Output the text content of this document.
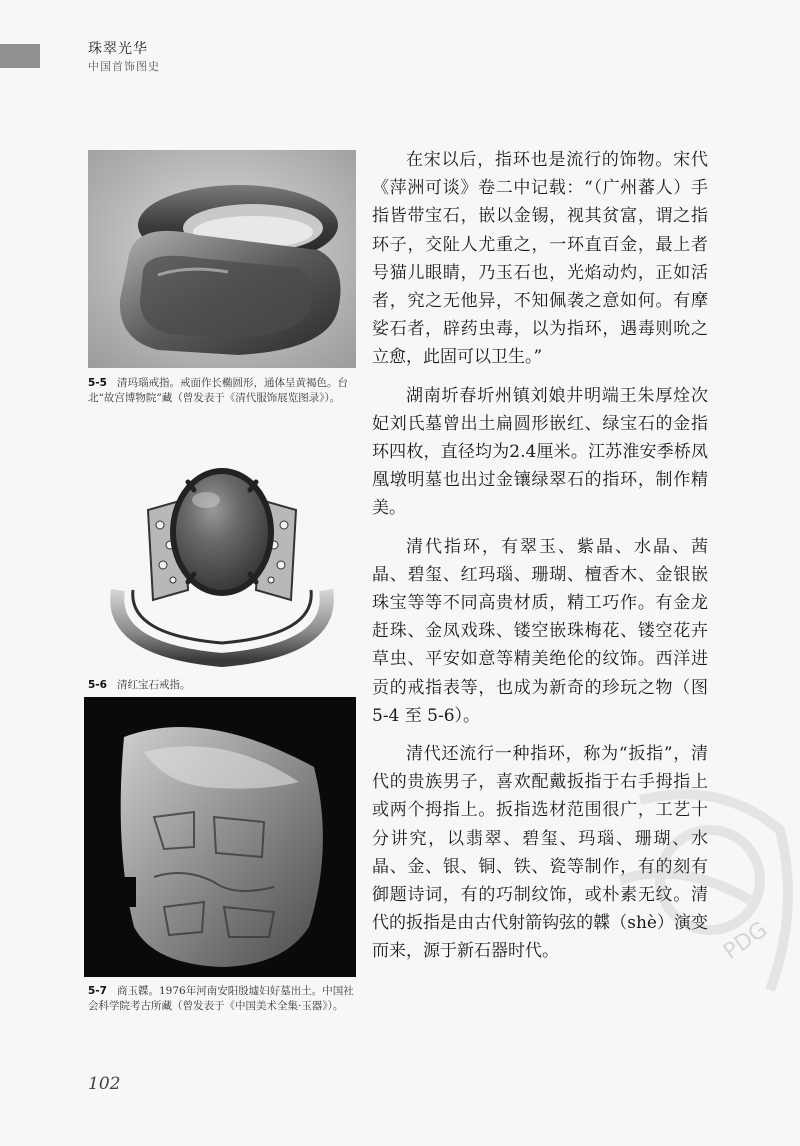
珠翠光华
中国首饰图史
5-5 清玛瑙戒指。戒面作长椭圆形，通体呈黄褐色。台北“故宫博物院”藏（曾发表于《清代服饰展览图录》）。
5-6 清红宝石戒指。
5-7 商玉韘。1976年河南安阳殷墟妇好墓出土。中国社会科学院考古所藏（曾发表于《中国美术全集·玉器》）。

在宋以后，指环也是流行的饰物。宋代《萍洲可谈》卷二中记载：“（广州蕃人）手指皆带宝石，嵌以金锡，视其贫富，谓之指环子，交阯人尤重之，一环直百金，最上者号猫儿眼睛，乃玉石也，光焰动灼，正如活者，究之无他异，不知佩袭之意如何。有摩娑石者，辟药虫毒，以为指环，遇毒则吮之立愈，此固可以卫生。”

湖南圻春圻州镇刘娘井明端王朱厚烇次妃刘氏墓曾出土扁圆形嵌红、绿宝石的金指环四枚，直径均为2.4厘米。江苏淮安季桥凤凰墩明墓也出过金镶绿翠石的指环，制作精美。

清代指环，有翠玉、紫晶、水晶、茜晶、碧玺、红玛瑙、珊瑚、檀香木、金银嵌珠宝等等不同高贵材质，精工巧作。有金龙赶珠、金凤戏珠、镂空嵌珠梅花、镂空花卉草虫、平安如意等精美绝伦的纹饰。西洋进贡的戒指表等，也成为新奇的珍玩之物（图 5-4 至 5-6）。

清代还流行一种指环，称为“扳指”，清代的贵族男子，喜欢配戴扳指于右手拇指上或两个拇指上。扳指选材范围很广，工艺十分讲究，以翡翠、碧玺、玛瑙、珊瑚、水晶、金、银、铜、铁、瓷等制作，有的刻有御题诗词，有的巧制纹饰，或朴素无纹。清代的扳指是由古代射箭钩弦的韘（shè）演变而来，源于新石器时代。

102
PDG
